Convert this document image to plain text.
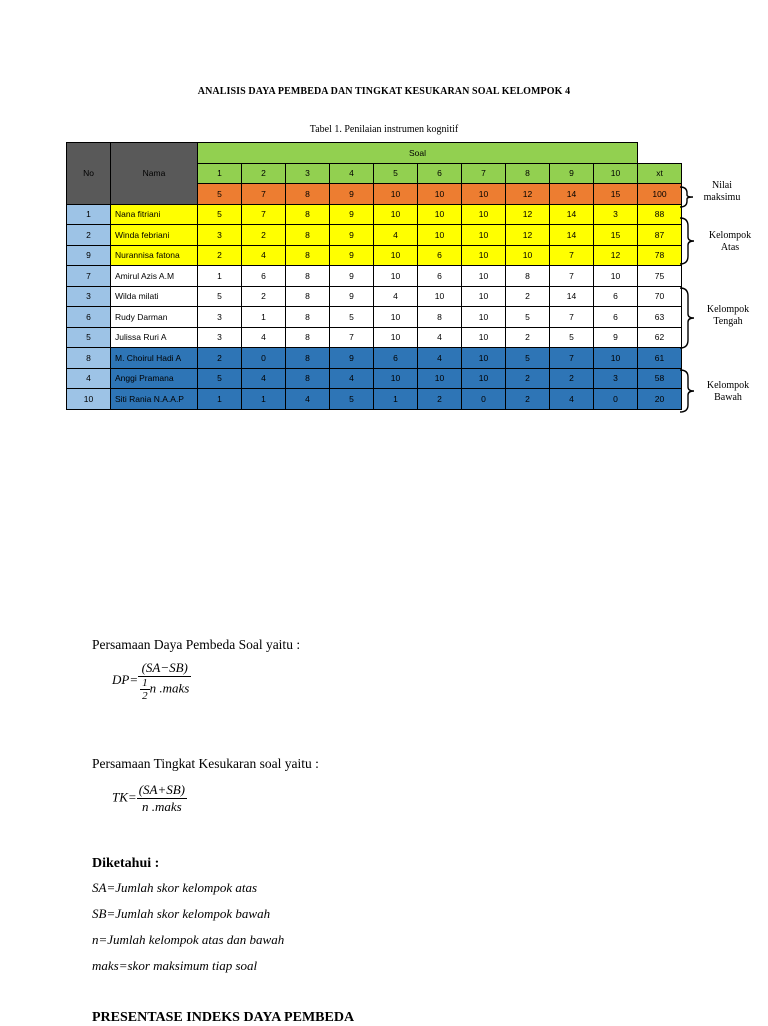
ANALISIS DAYA PEMBEDA DAN TINGKAT KESUKARAN SOAL KELOMPOK 4
Tabel 1. Penilaian instrumen kognitif
No	Nama	Soal										
		1	2	3	4	5	6	7	8	9	10	xt
		5	7	8	9	10	10	10	12	14	15	100
1	Nana fitriani	5	7	8	9	10	10	10	12	14	3	88
2	Winda febriani	3	2	8	9	4	10	10	12	14	15	87
9	Nurannisa fatona	2	4	8	9	10	6	10	10	7	12	78
7	Amirul Azis A.M	1	6	8	9	10	6	10	8	7	10	75
3	Wilda milati	5	2	8	9	4	10	10	2	14	6	70
6	Rudy Darman	3	1	8	5	10	8	10	5	7	6	63
5	Julissa Ruri A	3	4	8	7	10	4	10	2	5	9	62
8	M. Choirul Hadi A	2	0	8	9	6	4	10	5	7	10	61
4	Anggi Pramana	5	4	8	4	10	10	10	2	2	3	58
10	Siti Rania N.A.A.P	1	1	4	5	1	2	0	2	4	0	20
Nilai
maksimu
Kelompok
Atas
Kelompok
Tengah
Kelompok
Bawah
Persamaan Daya Pembeda Soal yaitu :
$DP= \frac{(SA-SB)}{\frac{1}{2} n .maks}$
Persamaan Tingkat Kesukaran soal yaitu :
$TK= \frac{(SA+SB)}{\text{n .maks}}$
Diketahui :
SA=Jumlah skor kelompok atas
SB=Jumlah skor kelompok bawah
n=Jumlah kelompok atas dan bawah
maks=skor maksimum tiap soal
PRESENTASE INDEKS DAYA PEMBEDA
